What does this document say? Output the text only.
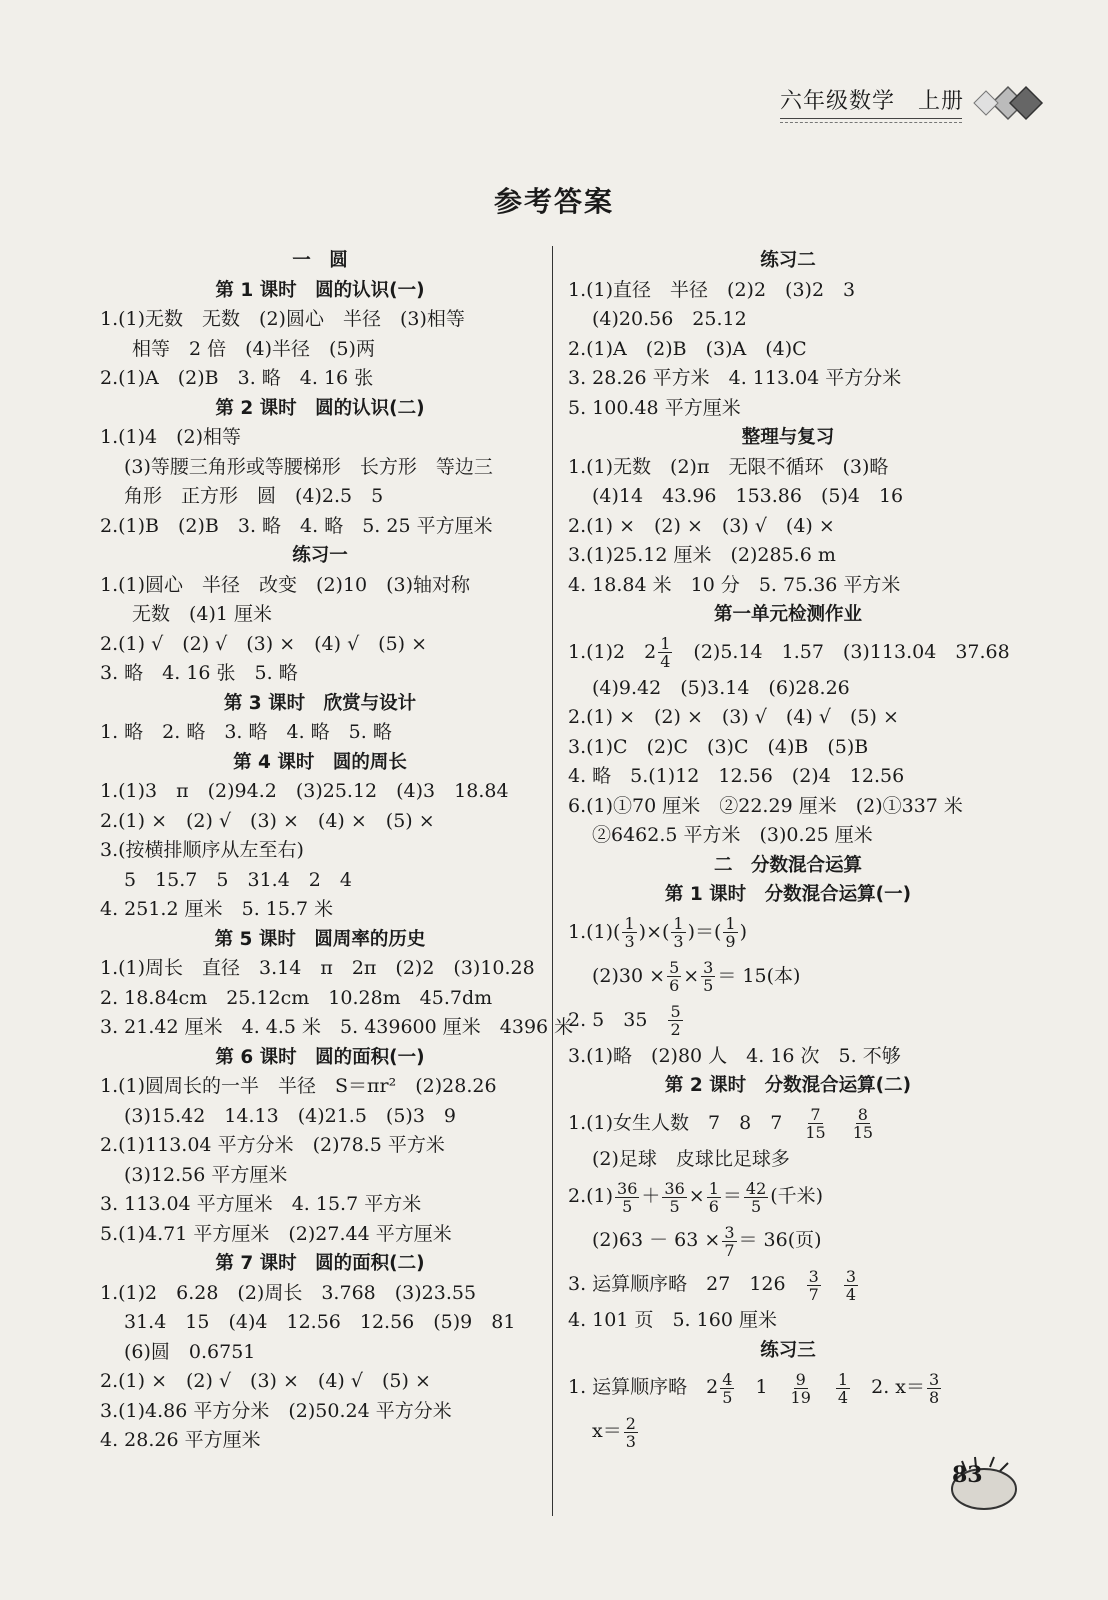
六年级数学　 上册
参考答案
一　圆
第 1 课时　圆的认识(一)
1.(1)无数　无数　(2)圆心　半径　(3)相等
相等　2 倍　(4)半径　(5)两
2.(1)A　(2)B　3. 略　4. 16 张
第 2 课时　圆的认识(二)
1.(1)4　(2)相等
(3)等腰三角形或等腰梯形　长方形　等边三
角形　正方形　圆　(4)2.5　5
2.(1)B　(2)B　3. 略　4. 略　5. 25 平方厘米
练习一
1.(1)圆心　半径　改变　(2)10　(3)轴对称
无数　(4)1 厘米
2.(1) √　(2) √　(3) ×　(4) √　(5) ×
3. 略　4. 16 张　5. 略
第 3 课时　欣赏与设计
1. 略　2. 略　3. 略　4. 略　5. 略
第 4 课时　圆的周长
1.(1)3　π　(2)94.2　(3)25.12　(4)3　18.84
2.(1) ×　(2) √　(3) ×　(4) ×　(5) ×
3.(按横排顺序从左至右)
5　15.7　5　31.4　2　4
4. 251.2 厘米　5. 15.7 米
第 5 课时　圆周率的历史
1.(1)周长　直径　3.14　π　2π　(2)2　(3)10.28
2. 18.84cm　25.12cm　10.28m　45.7dm
3. 21.42 厘米　4. 4.5 米　5. 439600 厘米　4396 米
第 6 课时　圆的面积(一)
1.(1)圆周长的一半　半径　S＝πr²　(2)28.26
(3)15.42　14.13　(4)21.5　(5)3　9
2.(1)113.04 平方分米　(2)78.5 平方米
(3)12.56 平方厘米
3. 113.04 平方厘米　4. 15.7 平方米
5.(1)4.71 平方厘米　(2)27.44 平方厘米
第 7 课时　圆的面积(二)
1.(1)2　6.28　(2)周长　3.768　(3)23.55
31.4　15　(4)4　12.56　12.56　(5)9　81
(6)圆　0.6751
2.(1) ×　(2) √　(3) ×　(4) √　(5) ×
3.(1)4.86 平方分米　(2)50.24 平方分米
4. 28.26 平方厘米
练习二
1.(1)直径　半径　(2)2　(3)2　3
(4)20.56　25.12
2.(1)A　(2)B　(3)A　(4)C
3. 28.26 平方米　4. 113.04 平方分米
5. 100.48 平方厘米
整理与复习
1.(1)无数　(2)π　无限不循环　(3)略
(4)14　43.96　153.86　(5)4　16
2.(1) ×　(2) ×　(3) √　(4) ×
3.(1)25.12 厘米　(2)285.6 m
4. 18.84 米　10 分　5. 75.36 平方米
第一单元检测作业
1.(1)2　$2 \frac{1}{4}$ 　(2)5.14　1.57　(3)113.04　37.68
(4)9.42　(5)3.14　(6)28.26
2.(1) ×　(2) ×　(3) √　(4) √　(5) ×
3.(1)C　(2)C　(3)C　(4)B　(5)B
4. 略　5.(1)12　12.56　(2)4　12.56
6.(1)①70 厘米　②22.29 厘米　(2)①337 米
②6462.5 平方米　(3)0.25 厘米
二　分数混合运算
第 1 课时　分数混合运算(一)
$1.(1)( \frac{1}{3}$ )×( $\frac{1}{3}$ )＝( $\frac{1}{9}$ )
$(2)30 \times \frac{5}{6} \times \frac{3}{5} = 15$(本)
2. 5　35　 $\frac{5}{2}$
3.(1)略　(2)80 人　4. 16 次　5. 不够
第 2 课时　分数混合运算(二)
1.(1)女生人数　7　8　7　 $\frac{7}{15}$
　 $\frac{8}{15}$
(2)足球　皮球比足球多
$2.(1) \frac{36}{5} + \frac{36}{5} \times \frac{1}{6} = \frac{42}{5}$ (千米)
$(2)63 - 63 \times \frac{3}{7} = 36$(页)
3. 运算顺序略　27　126　 $\frac{3}{7}$
　 $\frac{3}{4}$
4. 101 页　5. 160 厘米
练习三
1. 运算顺序略　$2 \frac{4}{5}$ 　1　 $\frac{9}{19}$
　 $\frac{1}{4}$ 　2. $x= \frac{3}{8}$
$x= \frac{2}{3}$
83
